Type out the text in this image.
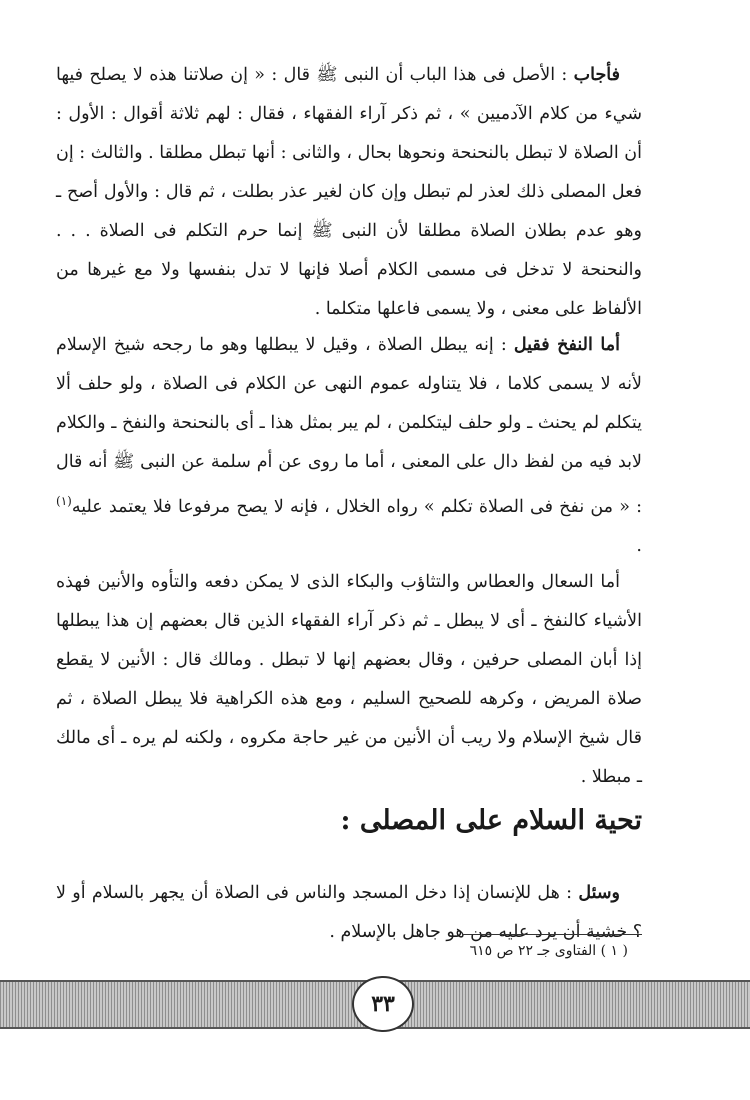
فأجاب : الأصل فى هذا الباب أن النبى ﷺ قال : « إن صلاتنا هذه لا يصلح فيها شيء من كلام الآدميين » ، ثم ذكر آراء الفقهاء ، فقال : لهم ثلاثة أقوال : الأول : أن الصلاة لا تبطل بالنحنحة ونحوها بحال ، والثانى : أنها تبطل مطلقا . والثالث : إن فعل المصلى ذلك لعذر لم تبطل وإن كان لغير عذر بطلت ، ثم قال : والأول أصح ـ وهو عدم بطلان الصلاة مطلقا لأن النبى ﷺ إنما حرم التكلم فى الصلاة . . . والنحنحة لا تدخل فى مسمى الكلام أصلا فإنها لا تدل بنفسها ولا مع غيرها من الألفاظ على معنى ، ولا يسمى فاعلها متكلما .

أما النفخ فقيل : إنه يبطل الصلاة ، وقيل لا يبطلها وهو ما رجحه شيخ الإسلام لأنه لا يسمى كلاما ، فلا يتناوله عموم النهى عن الكلام فى الصلاة ، ولو حلف ألا يتكلم لم يحنث ـ ولو حلف ليتكلمن ، لم يبر بمثل هذا ـ أى بالنحنحة والنفخ ـ والكلام لابد فيه من لفظ دال على المعنى ، أما ما روى عن أم سلمة عن النبى ﷺ أنه قال : « من نفخ فى الصلاة تكلم » رواه الخلال ، فإنه لا يصح مرفوعا فلا يعتمد عليه$^{(١)}$ .

أما السعال والعطاس والتثاؤب والبكاء الذى لا يمكن دفعه والتأوه والأنين فهذه الأشياء كالنفخ ـ أى لا يبطل ـ ثم ذكر آراء الفقهاء الذين قال بعضهم إن هذا يبطلها إذا أبان المصلى حرفين ، وقال بعضهم إنها لا تبطل . ومالك قال : الأنين لا يقطع صلاة المريض ، وكرهه للصحيح السليم ، ومع هذه الكراهية فلا يبطل الصلاة ، ثم قال شيخ الإسلام ولا ريب أن الأنين من غير حاجة مكروه ، ولكنه لم يره ـ أى مالك ـ مبطلا .

تحية السلام على المصلى :

وسئل : هل للإنسان إذا دخل المسجد والناس فى الصلاة أن يجهر بالسلام أو لا ؟ خشية أن يرد عليه من هو جاهل بالإسلام .

( ١ ) الفتاوى جـ ٢٢ ص ٦١٥
٣٣
